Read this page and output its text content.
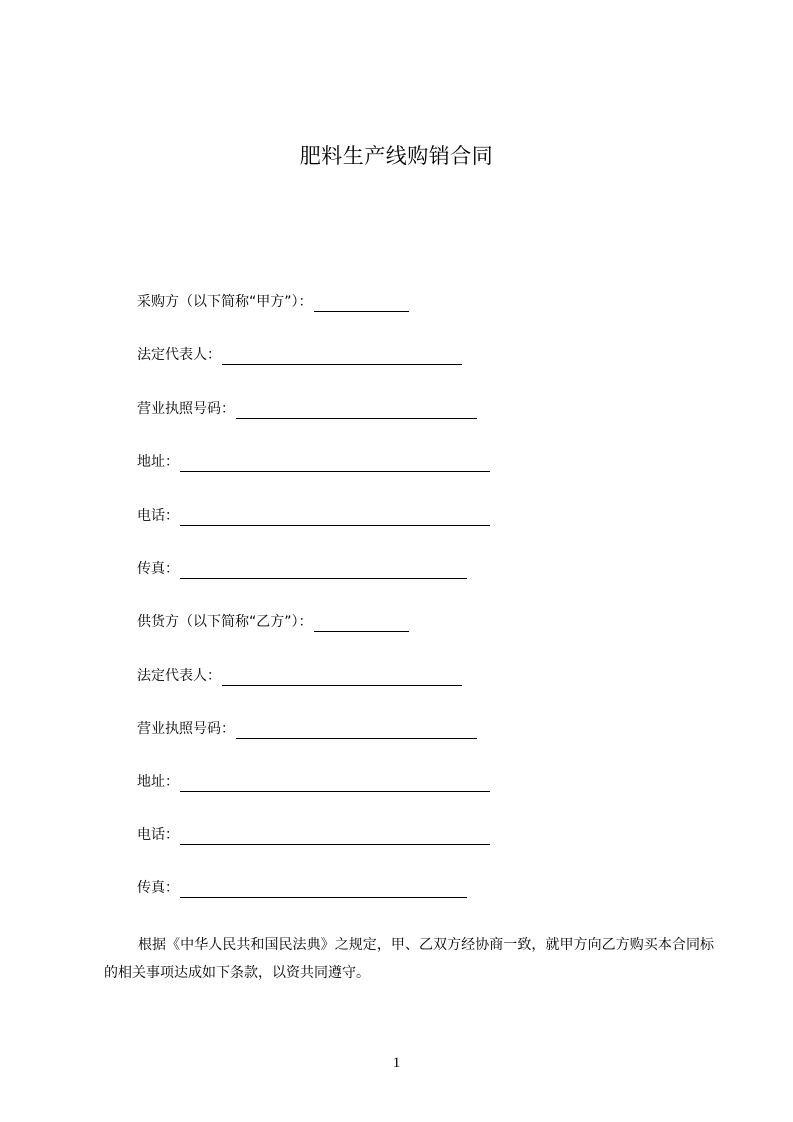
肥料生产线购销合同
采购方（以下简称“甲方”）：
法定代表人：
营业执照号码：
地址：
电话：
传真：
供货方（以下简称“乙方”）：
法定代表人：
营业执照号码：
地址：
电话：
传真：
根据《中华人民共和国民法典》之规定，甲、乙双方经协商一致，就甲方向乙方购买本合同标的相关事项达成如下条款，以资共同遵守。
1
